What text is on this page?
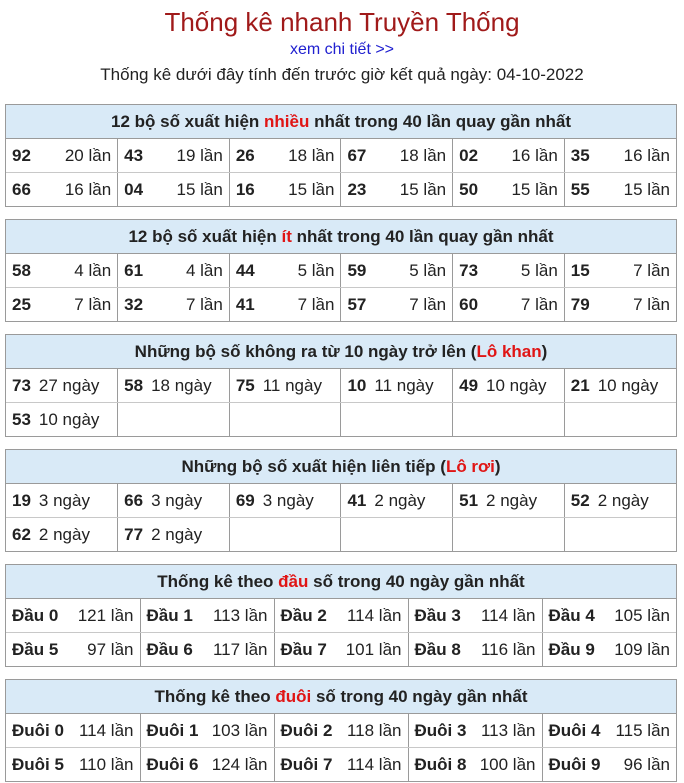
Thống kê nhanh Truyền Thống
xem chi tiết >>
Thống kê dưới đây tính đến trước giờ kết quả ngày: 04-10-2022
12 bộ số xuất hiện nhiều nhất trong 40 lần quay gần nhất
92 20 lần	43 19 lần	26 18 lần	67 18 lần	02 16 lần	35 16 lần

66 16 lần	04 15 lần	16 15 lần	23 15 lần	50 15 lần	55 15 lần
12 bộ số xuất hiện ít nhất trong 40 lần quay gần nhất
58 4 lần	61 4 lần	44 5 lần	59 5 lần	73 5 lần	15 7 lần

25 7 lần	32 7 lần	41 7 lần	57 7 lần	60 7 lần	79 7 lần
Những bộ số không ra từ 10 ngày trở lên (Lô khan)
73 27 ngày	58 18 ngày	75 11 ngày	10 11 ngày	49 10 ngày	21 10 ngày
53 10 ngày					
Những bộ số xuất hiện liên tiếp (Lô rơi)
19 3 ngày	66 3 ngày	69 3 ngày	41 2 ngày	51 2 ngày	52 2 ngày
62 2 ngày	77 2 ngày				
Thống kê theo đầu số trong 40 ngày gần nhất
Đầu 0 121 lần	Đầu 1 113 lần	Đầu 2 114 lần	Đầu 3 114 lần	Đầu 4 105 lần

Đầu 5 97 lần	Đầu 6 117 lần	Đầu 7 101 lần	Đầu 8 116 lần	Đầu 9 109 lần
Thống kê theo đuôi số trong 40 ngày gần nhất
Đuôi 0 114 lần	Đuôi 1 103 lần	Đuôi 2 118 lần	Đuôi 3 113 lần	Đuôi 4 115 lần

Đuôi 5 110 lần	Đuôi 6 124 lần	Đuôi 7 114 lần	Đuôi 8 100 lần	Đuôi 9 96 lần
